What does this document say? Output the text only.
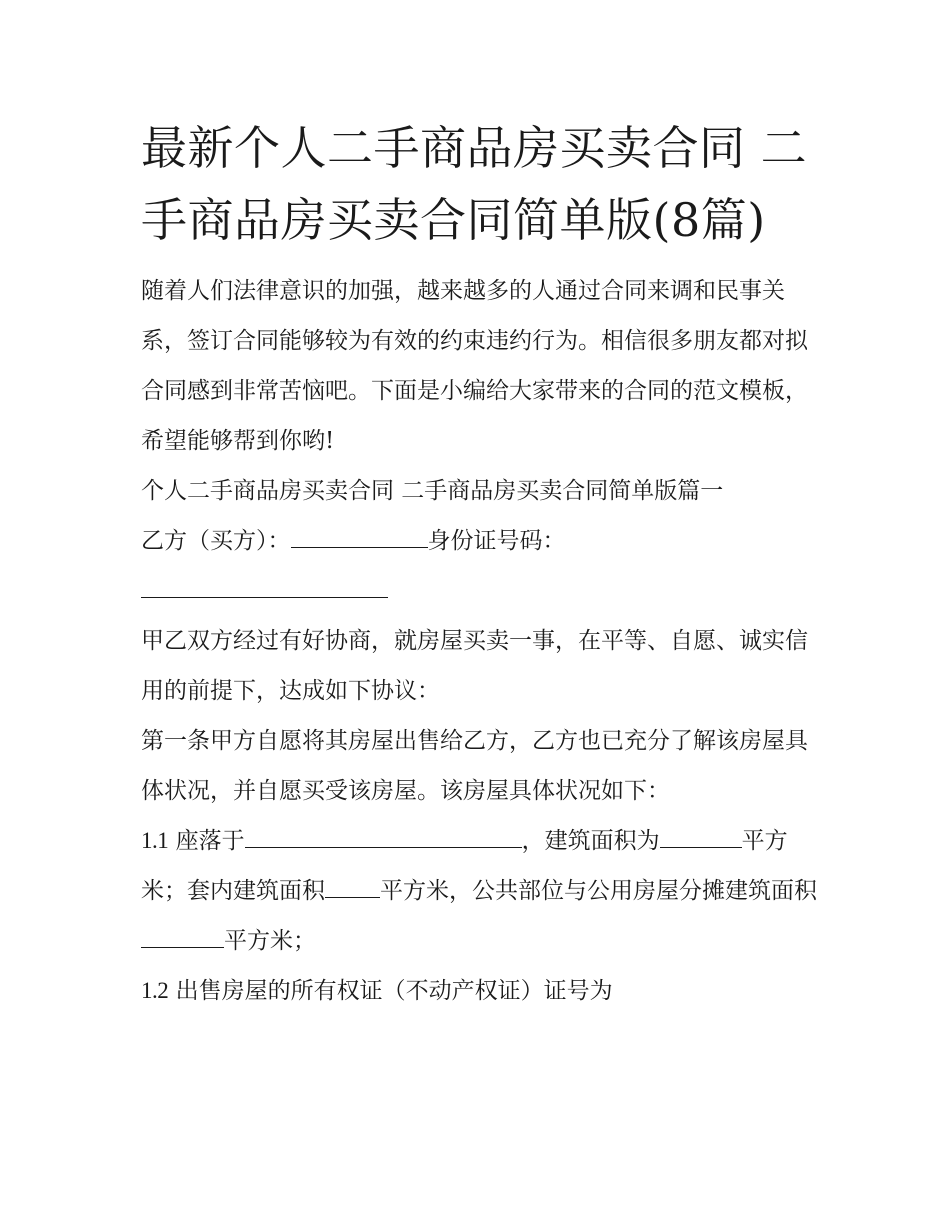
最新个人二手商品房买卖合同 二手商品房买卖合同简单版(8篇)

随着人们法律意识的加强，越来越多的人通过合同来调和民事关系，签订合同能够较为有效的约束违约行为。相信很多朋友都对拟合同感到非常苦恼吧。下面是小编给大家带来的合同的范文模板，希望能够帮到你哟!

个人二手商品房买卖合同 二手商品房买卖合同简单版篇一

乙方（买方）：	身份证号码：

甲乙双方经过有好协商，就房屋买卖一事，在平等、自愿、诚实信用的前提下，达成如下协议：

第一条甲方自愿将其房屋出售给乙方，乙方也已充分了解该房屋具体状况，并自愿买受该房屋。该房屋具体状况如下：

1.1 座落于	，建筑面积为	平方米；套内建筑面积 平方米，公共部位与公用房屋分摊建筑面积平方米；

1.2 出售房屋的所有权证（不动产权证）证号为
